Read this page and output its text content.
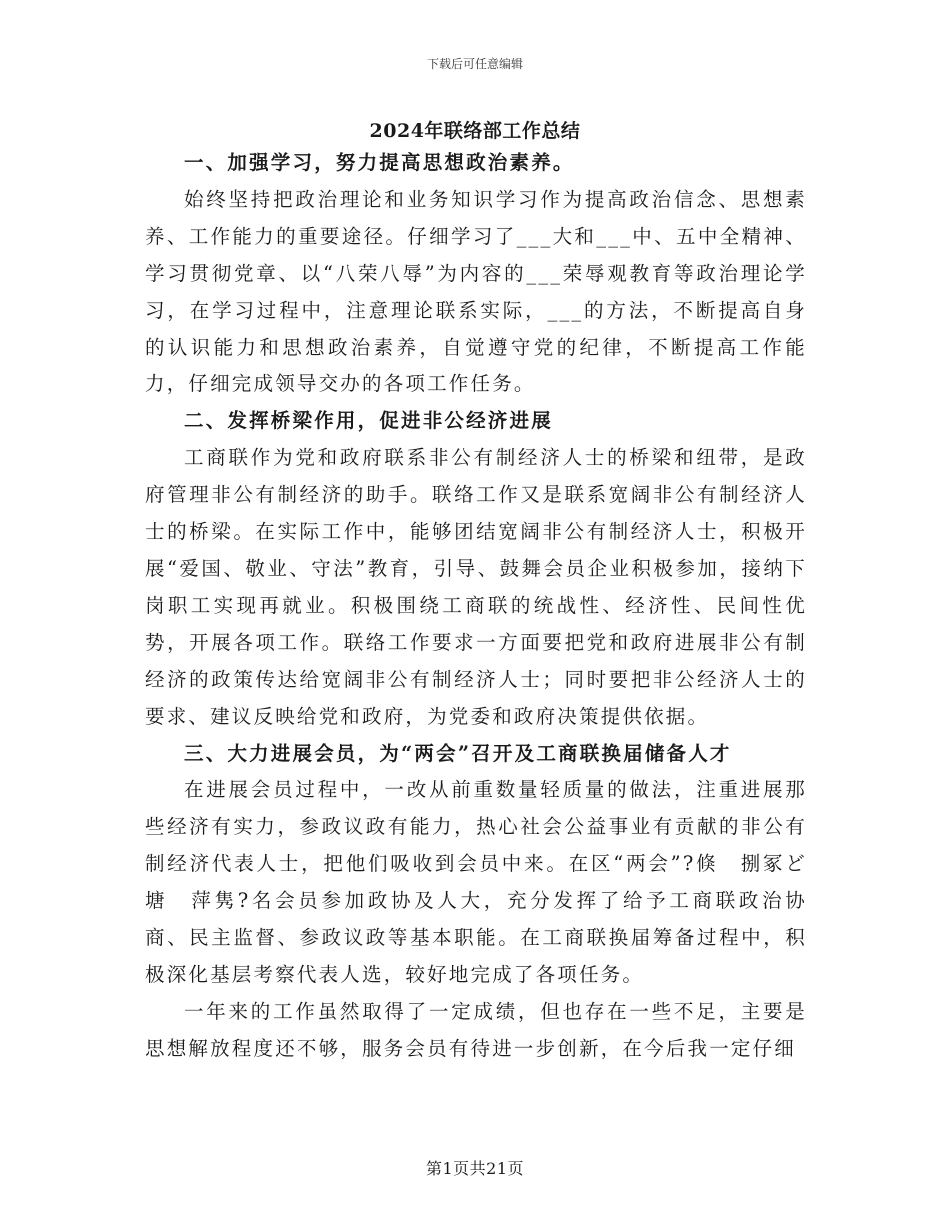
下载后可任意编辑
2024年联络部工作总结

一、加强学习，努力提高思想政治素养。

始终坚持把政治理论和业务知识学习作为提高政治信念、思想素养、工作能力的重要途径。仔细学习了___大和___中、五中全精神、学习贯彻党章、以“八荣八辱”为内容的___荣辱观教育等政治理论学习，在学习过程中，注意理论联系实际，___的方法，不断提高自身的认识能力和思想政治素养，自觉遵守党的纪律，不断提高工作能力，仔细完成领导交办的各项工作任务。

二、发挥桥梁作用，促进非公经济进展

工商联作为党和政府联系非公有制经济人士的桥梁和纽带，是政府管理非公有制经济的助手。联络工作又是联系宽阔非公有制经济人士的桥梁。在实际工作中，能够团结宽阔非公有制经济人士，积极开展“爱国、敬业、守法”教育，引导、鼓舞会员企业积极参加，接纳下岗职工实现再就业。积极围绕工商联的统战性、经济性、民间性优势，开展各项工作。联络工作要求一方面要把党和政府进展非公有制经济的政策传达给宽阔非公有制经济人士；同时要把非公经济人士的要求、建议反映给党和政府，为党委和政府决策提供依据。

三、大力进展会员，为“两会”召开及工商联换届储备人才

在进展会员过程中，一改从前重数量轻质量的做法，注重进展那些经济有实力，参政议政有能力，热心社会公益事业有贡献的非公有制经济代表人士，把他们吸收到会员中来。在区“两会”?倏　捌冢ど塘　萍隽?名会员参加政协及人大，充分发挥了给予工商联政治协商、民主监督、参政议政等基本职能。在工商联换届筹备过程中，积极深化基层考察代表人选，较好地完成了各项任务。

一年来的工作虽然取得了一定成绩，但也存在一些不足，主要是思想解放程度还不够，服务会员有待进一步创新，在今后我一定仔细

第1页共21页
